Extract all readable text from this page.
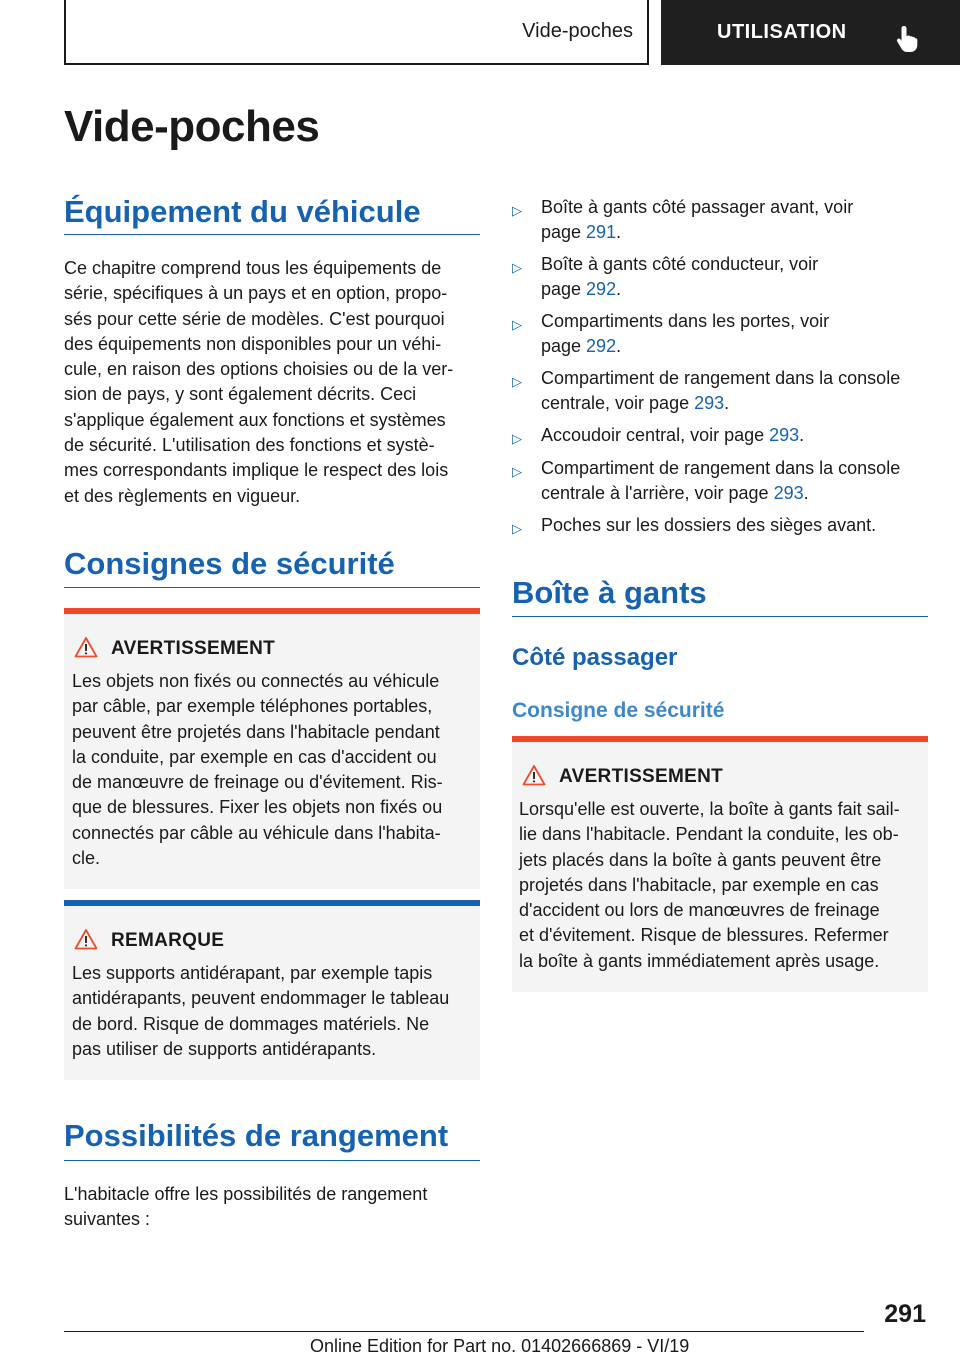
Vide-poches	UTILISATION
Vide-poches
Équipement du véhicule
Ce chapitre comprend tous les équipements de
série, spécifiques à un pays et en option, propo-
sés pour cette série de modèles. C'est pourquoi
des équipements non disponibles pour un véhi-
cule, en raison des options choisies ou de la ver-
sion de pays, y sont également décrits. Ceci
s'applique également aux fonctions et systèmes
de sécurité. L'utilisation des fonctions et systè-
mes correspondants implique le respect des lois
et des règlements en vigueur.
Consignes de sécurité
AVERTISSEMENT
Les objets non fixés ou connectés au véhicule
par câble, par exemple téléphones portables,
peuvent être projetés dans l'habitacle pendant
la conduite, par exemple en cas d'accident ou
de manœuvre de freinage ou d'évitement. Ris-
que de blessures. Fixer les objets non fixés ou
connectés par câble au véhicule dans l'habita-
cle.
REMARQUE
Les supports antidérapant, par exemple tapis
antidérapants, peuvent endommager le tableau
de bord. Risque de dommages matériels. Ne
pas utiliser de supports antidérapants.
Possibilités de rangement
L'habitacle offre les possibilités de rangement
suivantes :
▷ Boîte à gants côté passager avant, voir
page 291.
▷ Boîte à gants côté conducteur, voir
page 292.
▷ Compartiments dans les portes, voir
page 292.
▷ Compartiment de rangement dans la console
centrale, voir page 293.
▷ Accoudoir central, voir page 293.
▷ Compartiment de rangement dans la console
centrale à l'arrière, voir page 293.
▷ Poches sur les dossiers des sièges avant.
Boîte à gants
Côté passager
Consigne de sécurité
AVERTISSEMENT
Lorsqu'elle est ouverte, la boîte à gants fait sail-
lie dans l'habitacle. Pendant la conduite, les ob-
jets placés dans la boîte à gants peuvent être
projetés dans l'habitacle, par exemple en cas
d'accident ou lors de manœuvres de freinage
et d'évitement. Risque de blessures. Refermer
la boîte à gants immédiatement après usage.
291
Online Edition for Part no. 01402666869 - VI/19
